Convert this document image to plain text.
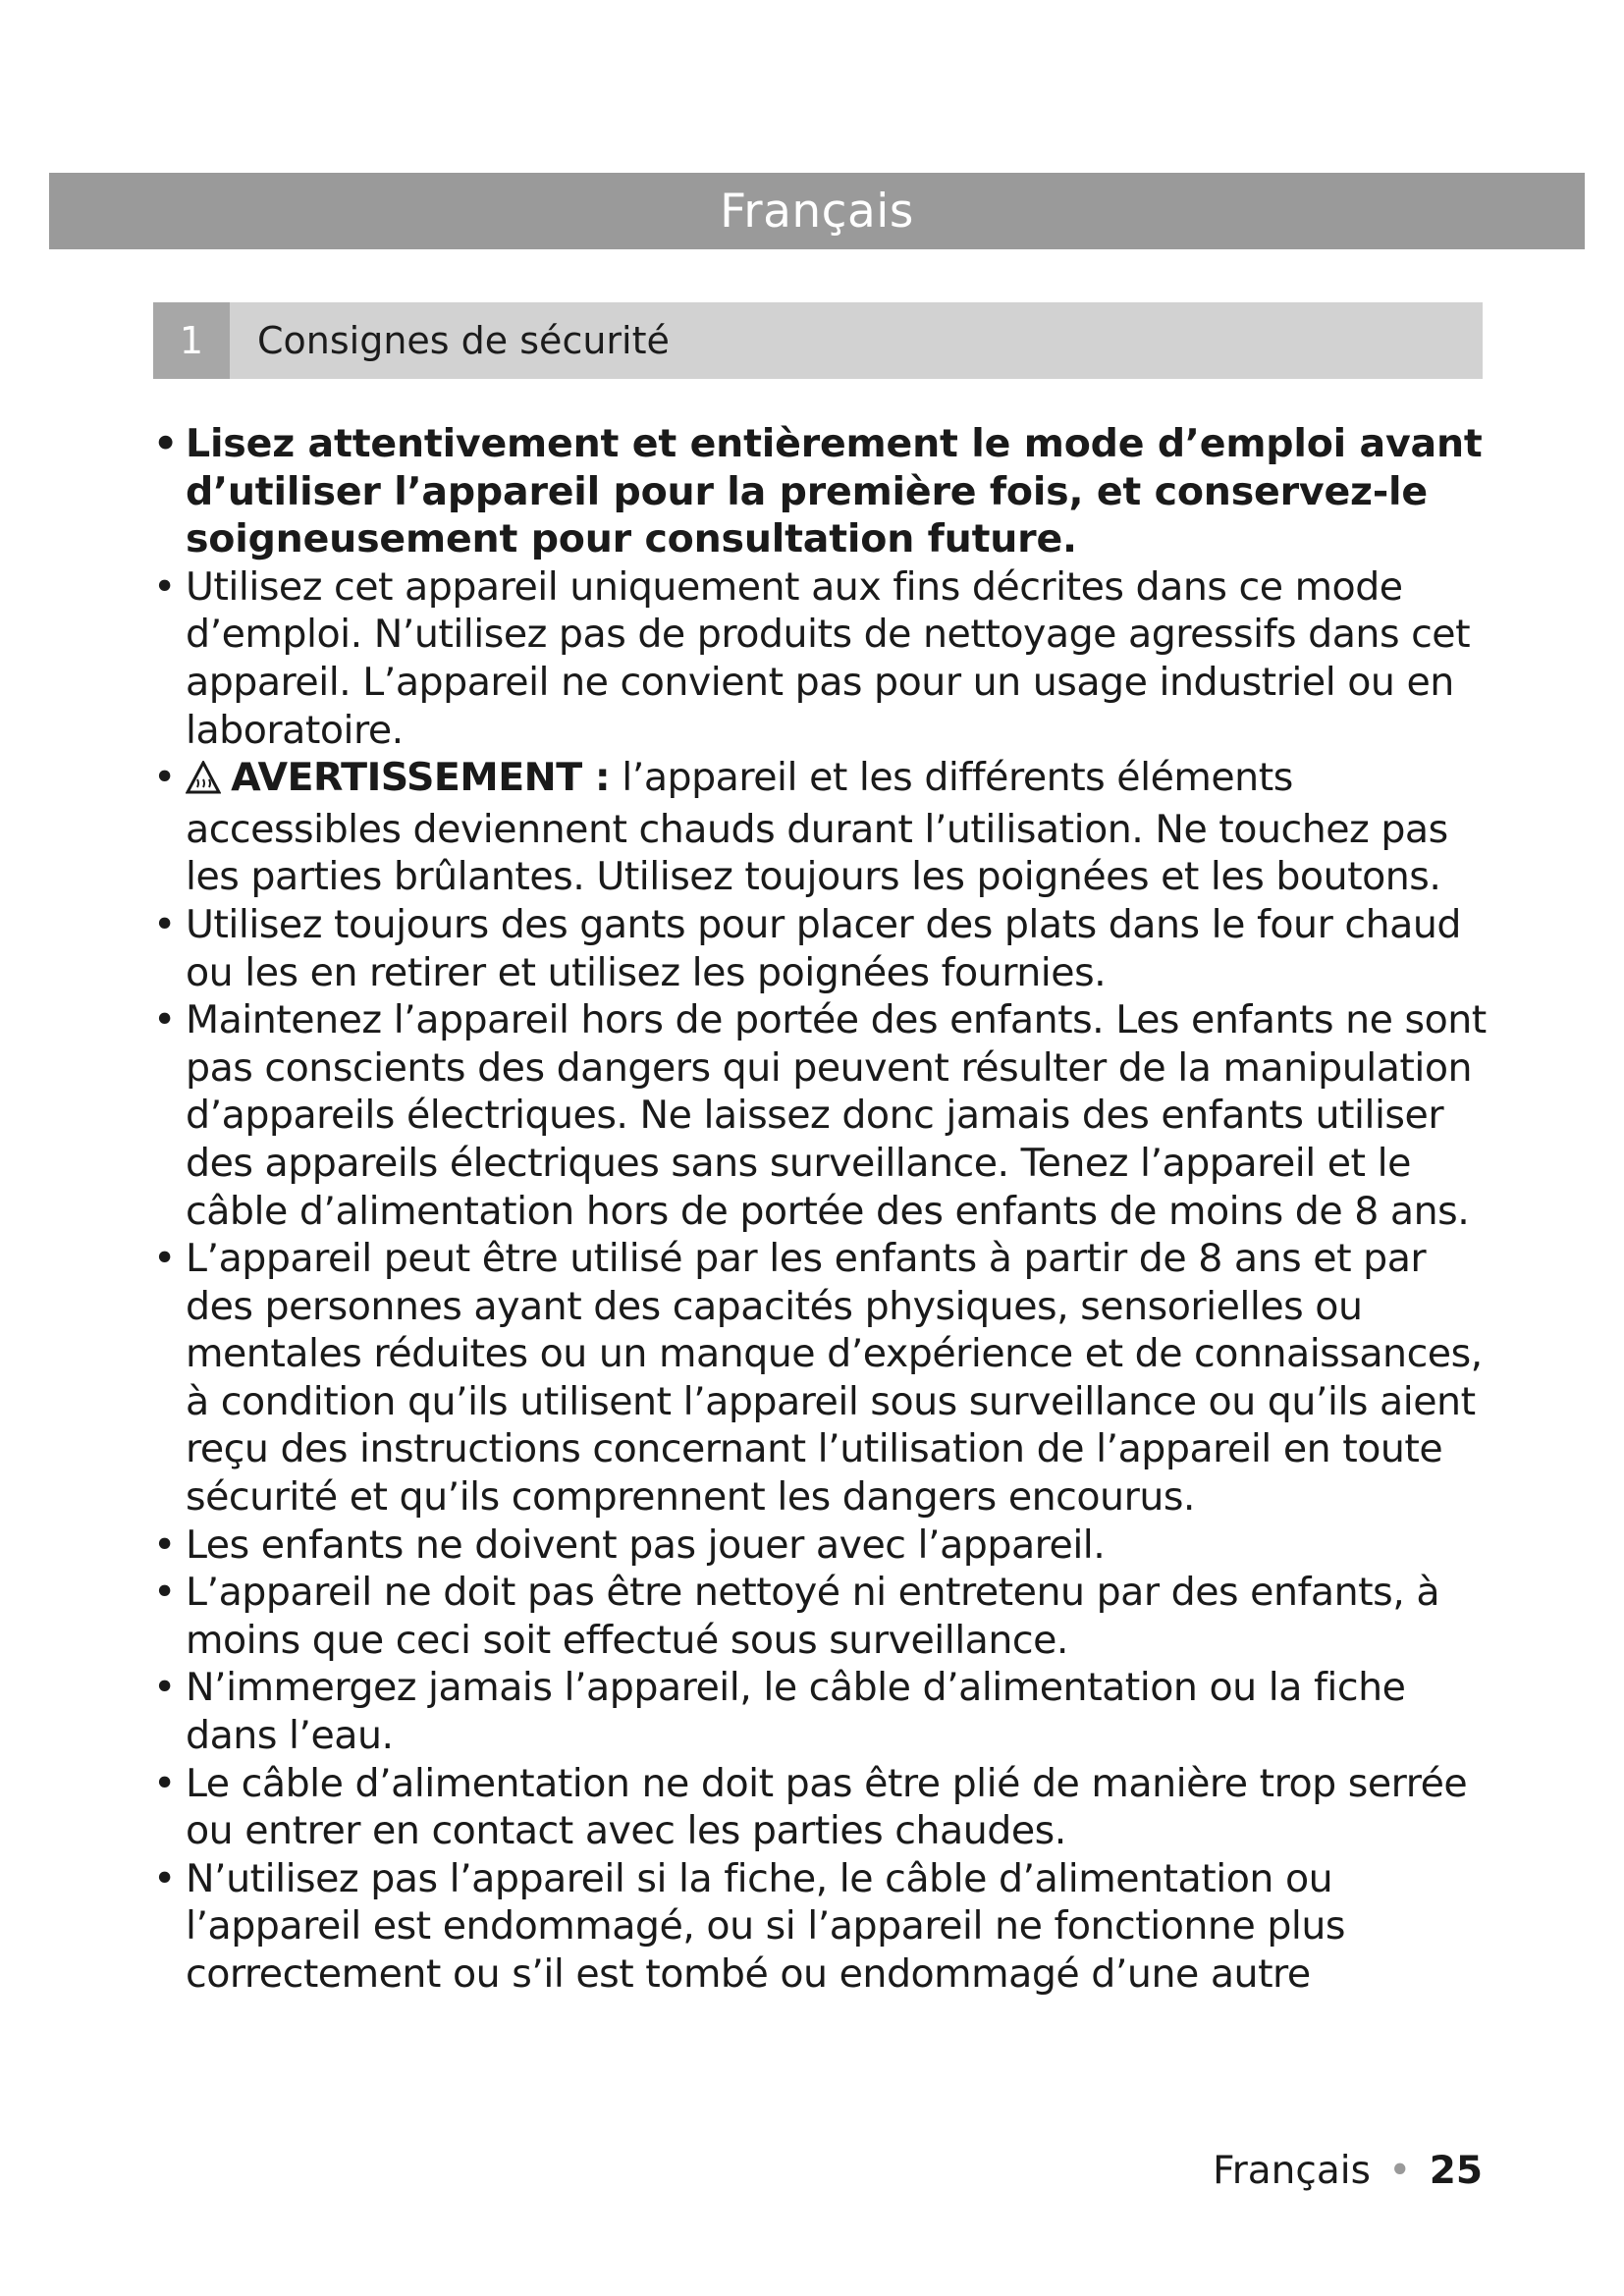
Français
1	Consignes de sécurité
• Lisez attentivement et entièrement le mode d’emploi avant d’utiliser l’appareil pour la première fois, et conservez-le soigneusement pour consultation future.
• Utilisez cet appareil uniquement aux fins décrites dans ce mode d’emploi. N’utilisez pas de produits de nettoyage agressifs dans cet appareil. L’appareil ne convient pas pour un usage industriel ou en laboratoire.
• AVERTISSEMENT : l’appareil et les différents éléments accessibles deviennent chauds durant l’utilisation. Ne touchez pas les parties brûlantes. Utilisez toujours les poignées et les boutons.
• Utilisez toujours des gants pour placer des plats dans le four chaud ou les en retirer et utilisez les poignées fournies.
• Maintenez l’appareil hors de portée des enfants. Les enfants ne sont pas conscients des dangers qui peuvent résulter de la manipulation d’appareils électriques. Ne laissez donc jamais des enfants utiliser des appareils électriques sans surveillance. Tenez l’appareil et le câble d’alimentation hors de portée des enfants de moins de 8 ans.
• L’appareil peut être utilisé par les enfants à partir de 8 ans et par des personnes ayant des capacités physiques, sensorielles ou mentales réduites ou un manque d’expérience et de connaissances, à condition qu’ils utilisent l’appareil sous surveillance ou qu’ils aient reçu des instructions concernant l’utilisation de l’appareil en toute sécurité et qu’ils comprennent les dangers encourus.
• Les enfants ne doivent pas jouer avec l’appareil.
• L’appareil ne doit pas être nettoyé ni entretenu par des enfants, à moins que ceci soit effectué sous surveillance.
• N’immergez jamais l’appareil, le câble d’alimentation ou la fiche dans l’eau.
• Le câble d’alimentation ne doit pas être plié de manière trop serrée ou entrer en contact avec les parties chaudes.
• N’utilisez pas l’appareil si la fiche, le câble d’alimentation ou l’appareil est endommagé, ou si l’appareil ne fonctionne plus correctement ou s’il est tombé ou endommagé d’une autre
Français • 25
